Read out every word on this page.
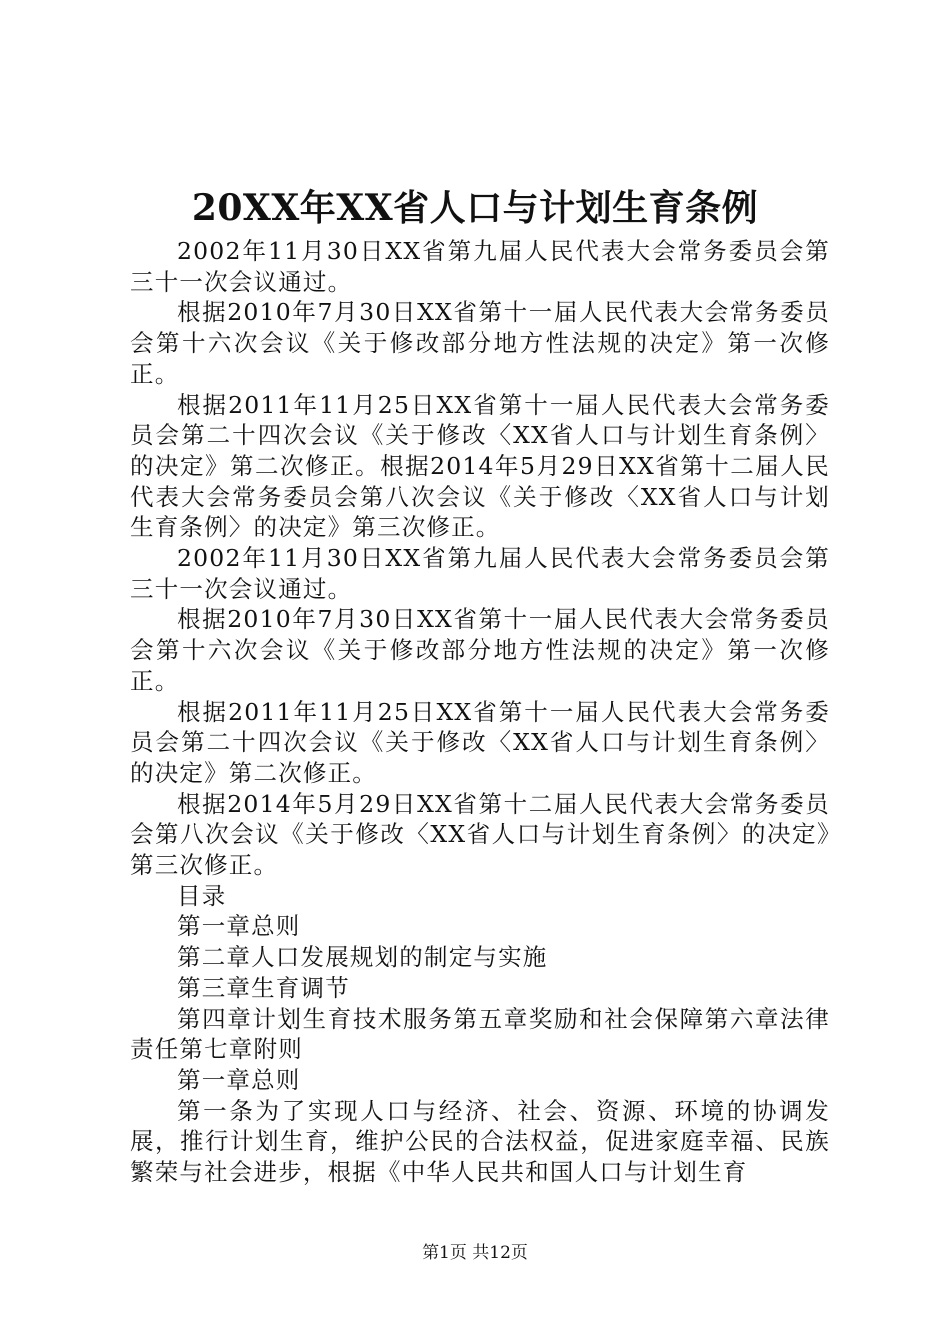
20XX年XX省人口与计划生育条例

2002年11月30日XX省第九届人民代表大会常务委员会第三十一次会议通过。

根据2010年7月30日XX省第十一届人民代表大会常务委员会第十六次会议《关于修改部分地方性法规的决定》第一次修正。

根据2011年11月25日XX省第十一届人民代表大会常务委员会第二十四次会议《关于修改〈XX省人口与计划生育条例〉的决定》第二次修正。根据2014年5月29日XX省第十二届人民代表大会常务委员会第八次会议《关于修改〈XX省人口与计划生育条例〉的决定》第三次修正。

2002年11月30日XX省第九届人民代表大会常务委员会第三十一次会议通过。

根据2010年7月30日XX省第十一届人民代表大会常务委员会第十六次会议《关于修改部分地方性法规的决定》第一次修正。

根据2011年11月25日XX省第十一届人民代表大会常务委员会第二十四次会议《关于修改〈XX省人口与计划生育条例〉的决定》第二次修正。

根据2014年5月29日XX省第十二届人民代表大会常务委员会第八次会议《关于修改〈XX省人口与计划生育条例〉的决定》第三次修正。

目录

第一章总则

第二章人口发展规划的制定与实施

第三章生育调节

第四章计划生育技术服务第五章奖励和社会保障第六章法律责任第七章附则

第一章总则

第一条为了实现人口与经济、社会、资源、环境的协调发展，推行计划生育，维护公民的合法权益，促进家庭幸福、民族繁荣与社会进步，根据《中华人民共和国人口与计划生育

第1页 共12页
